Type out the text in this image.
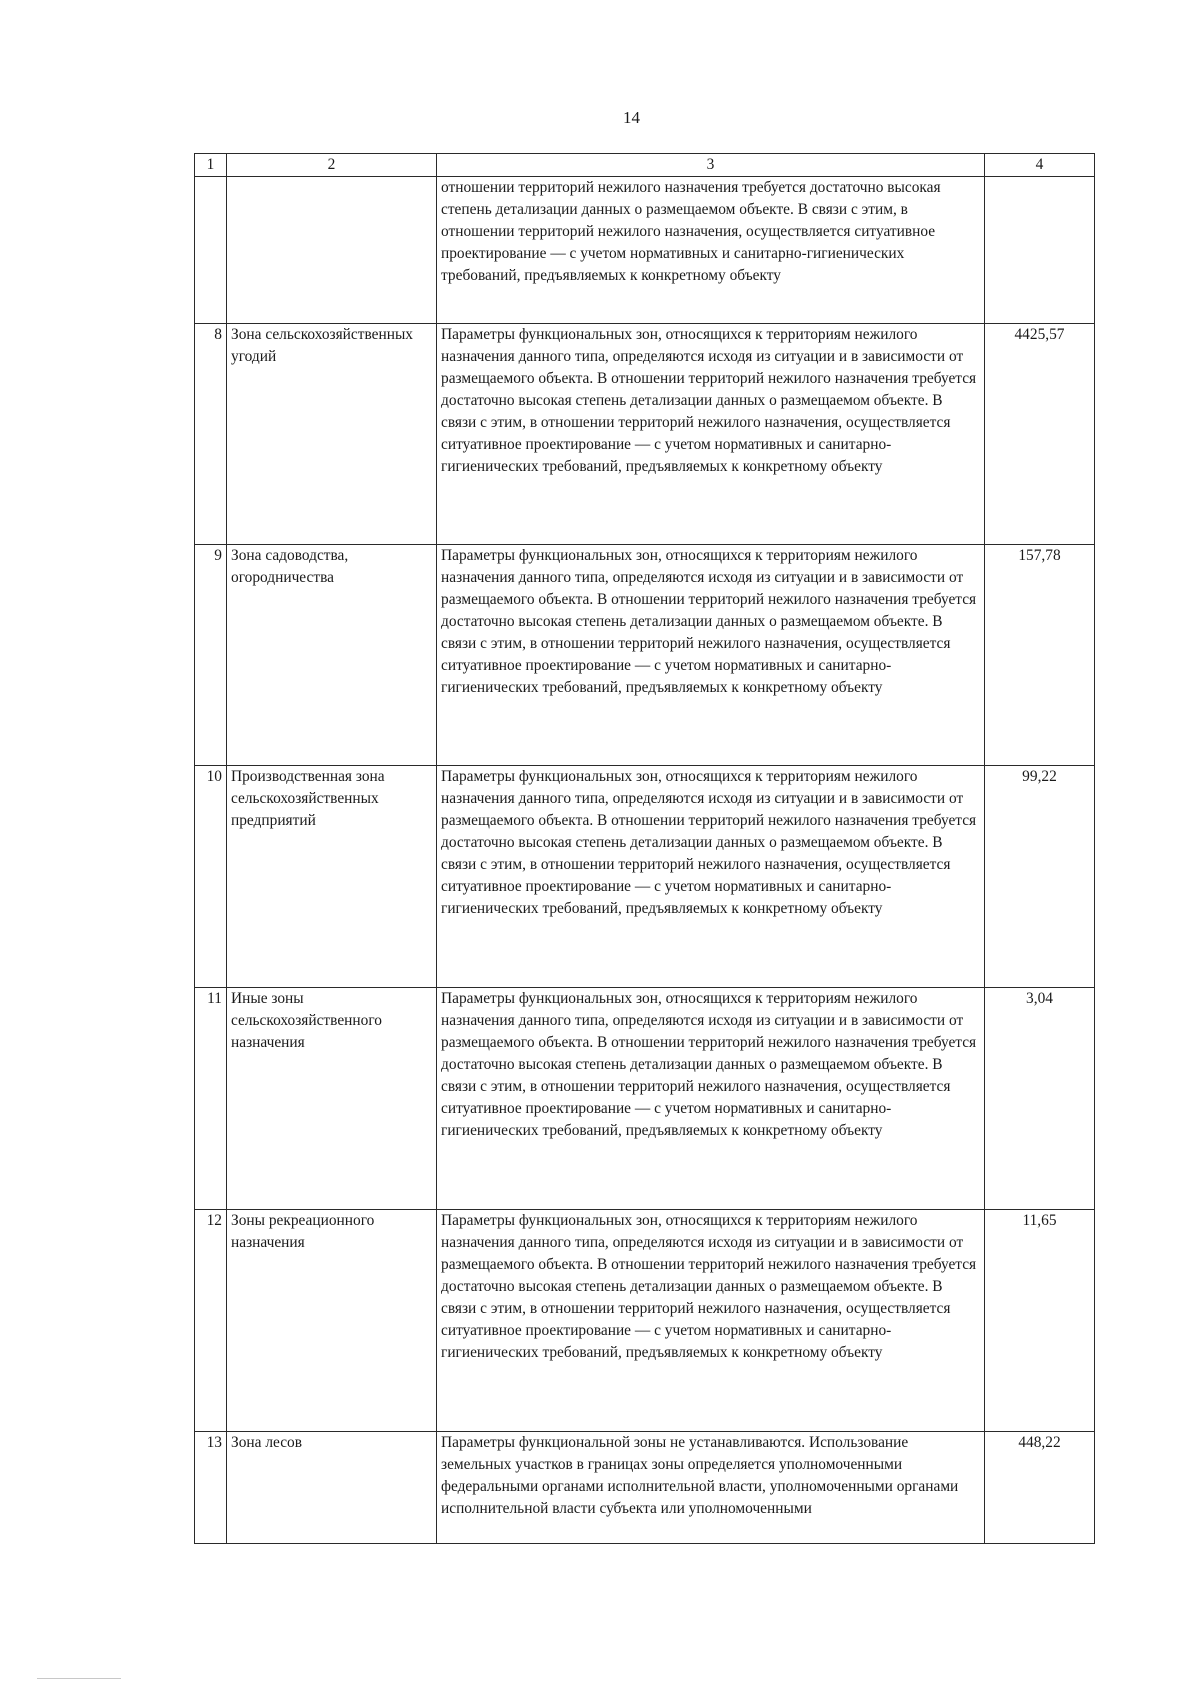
14
1	2	3	4
		отношении территорий нежилого назначения требуется достаточно высокая степень детализации данных о размещаемом объекте. В связи с этим, в отношении территорий нежилого назначения, осуществляется ситуативное проектирование — с учетом нормативных и санитарно-гигиенических требований, предъявляемых к конкретному объекту	
8	Зона сельскохозяйственных угодий	Параметры функциональных зон, относящихся к территориям нежилого назначения данного типа, определяются исходя из ситуации и в зависимости от размещаемого объекта. В отношении территорий нежилого назначения требуется достаточно высокая степень детализации данных о размещаемом объекте. В связи с этим, в отношении территорий нежилого назначения, осуществляется ситуативное проектирование — с учетом нормативных и санитарно-гигиенических требований, предъявляемых к конкретному объекту	4425,57
9	Зона садоводства, огородничества	Параметры функциональных зон, относящихся к территориям нежилого назначения данного типа, определяются исходя из ситуации и в зависимости от размещаемого объекта. В отношении территорий нежилого назначения требуется достаточно высокая степень детализации данных о размещаемом объекте. В связи с этим, в отношении территорий нежилого назначения, осуществляется ситуативное проектирование — с учетом нормативных и санитарно-гигиенических требований, предъявляемых к конкретному объекту	157,78
10	Производственная зона сельскохозяйственных предприятий	Параметры функциональных зон, относящихся к территориям нежилого назначения данного типа, определяются исходя из ситуации и в зависимости от размещаемого объекта. В отношении территорий нежилого назначения требуется достаточно высокая степень детализации данных о размещаемом объекте. В связи с этим, в отношении территорий нежилого назначения, осуществляется ситуативное проектирование — с учетом нормативных и санитарно-гигиенических требований, предъявляемых к конкретному объекту	99,22
11	Иные зоны сельскохозяйственного назначения	Параметры функциональных зон, относящихся к территориям нежилого назначения данного типа, определяются исходя из ситуации и в зависимости от размещаемого объекта. В отношении территорий нежилого назначения требуется достаточно высокая степень детализации данных о размещаемом объекте. В связи с этим, в отношении территорий нежилого назначения, осуществляется ситуативное проектирование — с учетом нормативных и санитарно-гигиенических требований, предъявляемых к конкретному объекту	3,04
12	Зоны рекреационного назначения	Параметры функциональных зон, относящихся к территориям нежилого назначения данного типа, определяются исходя из ситуации и в зависимости от размещаемого объекта. В отношении территорий нежилого назначения требуется достаточно высокая степень детализации данных о размещаемом объекте. В связи с этим, в отношении территорий нежилого назначения, осуществляется ситуативное проектирование — с учетом нормативных и санитарно-гигиенических требований, предъявляемых к конкретному объекту	11,65
13	Зона лесов	Параметры функциональной зоны не устанавливаются. Использование земельных участков в границах зоны определяется уполномоченными федеральными органами исполнительной власти, уполномоченными органами исполнительной власти субъекта или уполномоченными	448,22
